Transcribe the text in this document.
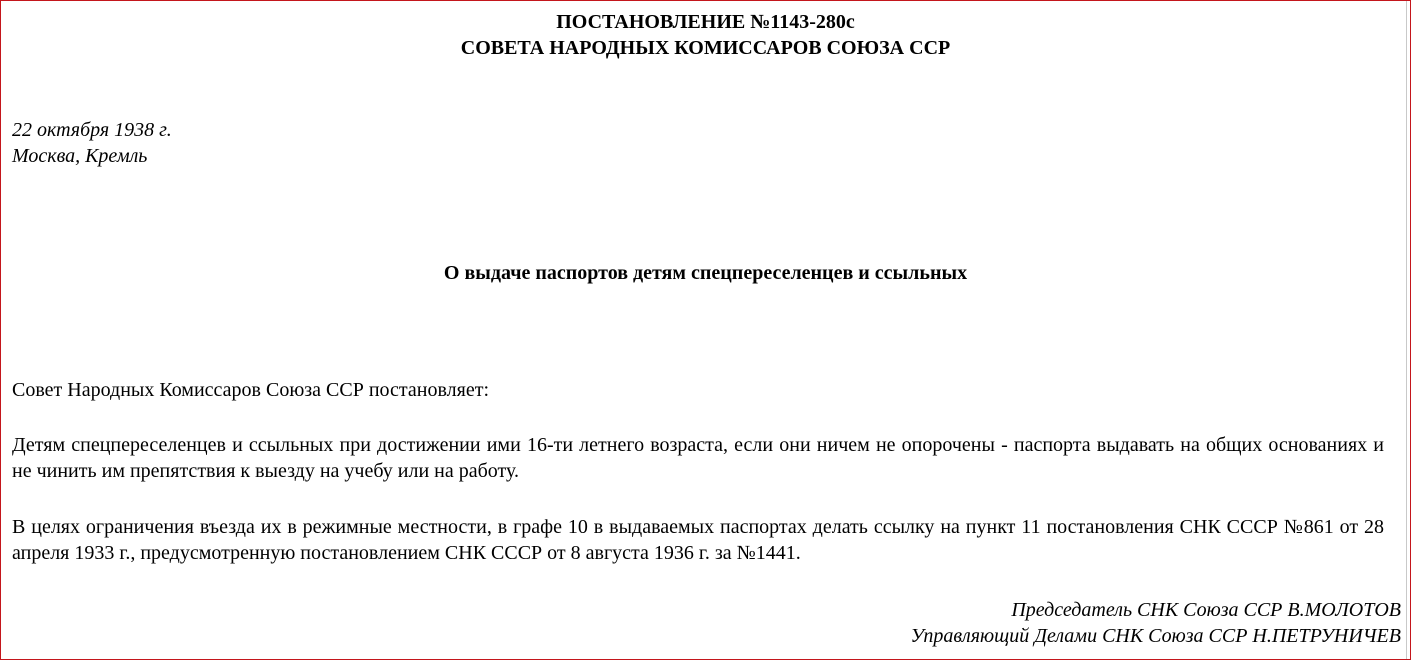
ПОСТАНОВЛЕНИЕ №1143-280с
СОВЕТА НАРОДНЫХ КОМИССАРОВ СОЮЗА ССР
22 октября 1938 г.
Москва, Кремль
О выдаче паспортов детям спецпереселенцев и ссыльных

Совет Народных Комиссаров Союза ССР постановляет:

Детям спецпереселенцев и ссыльных при достижении ими 16-ти летнего возраста, если они ничем не опорочены - паспорта выдавать на общих основаниях и не чинить им препятствия к выезду на учебу или на работу.

В целях ограничения въезда их в режимные местности, в графе 10 в выдаваемых паспортах делать ссылку на пункт 11 постановления СНК СССР №861 от 28 апреля 1933 г., предусмотренную постановлением СНК СССР от 8 августа 1936 г. за №1441.

Председатель СНК Союза ССР В.МОЛОТОВ
Управляющий Делами СНК Союза ССР Н.ПЕТРУНИЧЕВ
